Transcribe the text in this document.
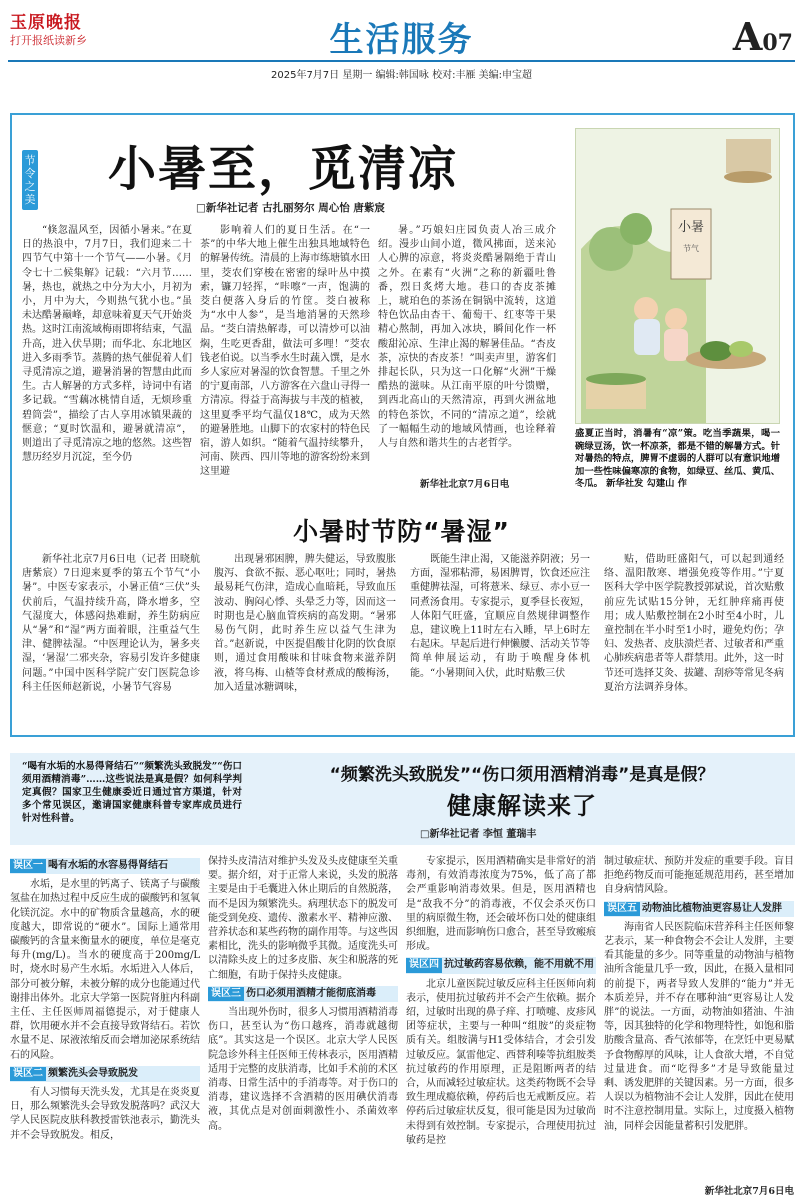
玉原晚报
打开报纸读新乡	生活服务	A07
2025年7月7日 星期一 编辑:韩国咏 校对:丰雁 美编:申宝超
节令之美
小暑至，觅清凉
□新华社记者 古扎丽努尔 周心怡 唐紫宸

“倏忽温风至，因循小暑来。”在夏日的热浪中，7月7日，我们迎来二十四节气中第十一个节气——小暑。《月令七十二候集解》记载：“六月节……暑，热也，就热之中分为大小，月初为小，月中为大，今则热气犹小也。”虽未达酷暑巅峰，却意味着夏天气开始炎热。这时江南流域梅雨即将结束，气温升高，进入伏旱期；而华北、东北地区进入多雨季节。蒸腾的热气催促着人们寻觅清凉之道，避暑消暑的智慧由此而生。古人解暑的方式多样，诗词中有诸多记载。“雪藕冰桃情自适，无烦珍重碧筒尝”，描绘了古人享用冰镇果蔬的惬意；“夏时饮温和，避暑就清凉”，则道出了寻觅清凉之地的悠然。这些智慧历经岁月沉淀，至今仍

影响着人们的夏日生活。在“一茶”的中华大地上催生出独具地域特色的解暑传统。清晨的上海市练塘镇水田里，茭农们穿梭在密密的绿叶丛中摸索，镰刀轻挥，“咔嚓”一声，饱满的茭白便落入身后的竹筐。茭白被称为“水中人参”，是当地消暑的天然珍品。“茭白清热解毒，可以清炒可以油焖，生吃更香甜，做法可多哩！”茭农钱老伯说。以当季水生时蔬入馔，是水乡人家应对暑湿的饮食智慧。千里之外的宁夏南部，八方游客在六盘山寻得一方清凉。得益于高海拔与丰茂的植被，这里夏季平均气温仅18℃，成为天然的避暑胜地。山脚下的农家村的特色民宿，游人如织。“随着气温持续攀升，河南、陕西、四川等地的游客纷纷来到这里避

暑。”巧娘妇庄园负责人冶三成介绍。漫步山间小道，微风拂面，送来沁人心脾的凉意，将炎炎酷暑隔绝于青山之外。在素有“火洲”之称的新疆吐鲁番，烈日炙烤大地。巷口的杏皮茶摊上，琥珀色的茶汤在铜锅中流转，这道特色饮品由杏干、葡萄干、红枣等干果精心熬制，再加入冰块，瞬间化作一杯酸甜沁凉、生津止渴的解暑佳品。“杏皮茶，凉快的杏皮茶！”叫卖声里，游客们排起长队，只为这一口化解“火洲”干燥酷热的滋味。从江南平原的叶兮馈赠，到西北高山的天然清凉，再到火洲盆地的特色茶饮，不同的“清凉之道”，绘就了一幅幅生动的地域风情画，也诠释着人与自然和谐共生的古老哲学。

新华社北京7月6日电
小暑
节气
盛夏正当时，消暑有“凉”策。吃当季蔬果，喝一碗绿豆汤，饮一杯凉茶，都是不错的解暑方式。针对暑热的特点，脾胃不虚弱的人群可以有意识地增加一些性味偏寒凉的食物，如绿豆、丝瓜、黄瓜、冬瓜。 新华社发 勾建山 作
小暑时节防“暑湿”

新华社北京7月6日电（记者 田晓航 唐紫宸）7日迎来夏季的第五个节气“小暑”。中医专家表示，小暑正值“三伏”头伏前后，气温持续升高，降水增多，空气湿度大，体感闷热难耐，养生防病应从“暑”和“湿”两方面着眼，注重益气生津、健脾祛湿。“中医理论认为，暑多夹湿，‘暑湿’二邪夹杂，容易引发许多健康问题。”中国中医科学院广安门医院急诊科主任医师赵新说，小暑节气容易

出现暑邪困脾，脾失健运，导致腹胀腹泻、食欲不振、恶心呕吐；同时，暑热最易耗气伤津，造成心血暗耗，导致血压波动、胸闷心悸、头晕乏力等，因而这一时期也是心脑血管疾病的高发期。“暑邪易伤气阴，此时养生应以益气生津为首。”赵新说，中医提倡酸甘化阴的饮食原则，通过食用酸味和甘味食物来滋养阴液，将乌梅、山楂等食材煮成的酸梅汤，加入适量冰糖调味，

既能生津止渴，又能滋养阴液；另一方面，湿邪粘滞，易困脾胃，饮食还应注重健脾祛湿，可将薏米、绿豆、赤小豆一同煮汤食用。专家提示，夏季昼长夜短，人体阳气旺盛，宜顺应自然规律调整作息，建议晚上11时左右入睡，早上6时左右起床。早起后进行伸懒腰、活动关节等简单伸展运动，有助于唤醒身体机能。“小暑期间入伏，此时贴敷三伏

贴，借助旺盛阳气，可以起到通经络、温阳散寒、增强免疫等作用。”宁夏医科大学中医学院教授郭斌说，首次贴敷前应先试贴15分钟，无红肿痒痛再使用；成人贴敷控制在2小时至4小时，儿童控制在半小时至1小时，避免灼伤；孕妇、发热者、皮肤溃烂者、过敏者和严重心肺疾病患者等人群禁用。此外，这一时节还可选择艾灸、拔罐、刮痧等常见冬病夏治方法调养身体。

“喝有水垢的水易得肾结石”“频繁洗头致脱发”“伤口须用酒精消毒”……这些说法是真是假？如何科学判定真假？国家卫生健康委近日通过官方渠道，针对多个常见误区，邀请国家健康科普专家库成员进行针对性科普。
“频繁洗头致脱发”“伤口须用酒精消毒”是真是假？
健康解读来了
□新华社记者 李恒 董瑞丰
误区一 喝有水垢的水容易得肾结石

水垢，是水里的钙离子、镁离子与碳酸氢盐在加热过程中反应生成的碳酸钙和氢氧化镁沉淀。水中的矿物质含量越高，水的硬度越大，即常说的“硬水”。国际上通常用碳酸钙的含量来衡量水的硬度，单位是毫克每升(mg/L)。当水的硬度高于200mg/L时，烧水时易产生水垢。水垢进入人体后，部分可被分解，未被分解的成分也能通过代谢排出体外。北京大学第一医院肾脏内科副主任、主任医师周福德提示，对于健康人群，饮用硬水并不会直接导致肾结石。若饮水量不足、尿液浓缩反而会增加泌尿系统结石的风险。

误区二 频繁洗头会导致脱发

有人习惯每天洗头发，尤其是在炎炎夏日，那么频繁洗头会导致发脱落吗？武汉大学人民医院皮肤科教授雷铁池表示，勤洗头并不会导致脱发。相反，

保持头皮清洁对维护头发及头皮健康至关重要。据介绍，对于正常人来说，头发的脱落主要是由于毛囊进入休止期后的自然脱落，而不是因为频繁洗头。病理状态下的脱发可能受到免疫、遗传、激素水平、精神应激、营养状态和某些药物的副作用等。与这些因素相比，洗头的影响微乎其微。适度洗头可以清除头皮上的过多皮脂、灰尘和脱落的死亡细胞，有助于保持头皮健康。

误区三 伤口必须用酒精才能彻底消毒

当出现外伤时，很多人习惯用酒精消毒伤口，甚至认为“伤口越疼，消毒就越彻底”。其实这是一个误区。北京大学人民医院急诊外科主任医师王传林表示，医用酒精适用于完整的皮肤消毒，比如手术前的术区消毒、日常生活中的手消毒等。对于伤口的消毒，建议选择不含酒精的医用碘伏消毒液，其优点是对创面刺激性小、杀菌效率高。

专家提示，医用酒精确实是非常好的消毒剂，有效消毒浓度为75%，低了高了都会严重影响消毒效果。但是，医用酒精也是“敌我不分”的消毒液，不仅会杀灭伤口里的病原微生物，还会破坏伤口处的健康组织细胞，进而影响伤口愈合，甚至导致瘢痕形成。

误区四 抗过敏药容易依赖，能不用就不用

北京儿童医院过敏反应科主任医师向莉表示，使用抗过敏药并不会产生依赖。据介绍，过敏时出现的鼻子痒、打喷嚏、皮疹风团等症状，主要与一种叫“组胺”的炎症物质有关。组胺满与H1受体结合，才会引发过敏反应。氯雷他定、西替利嗪等抗组胺类抗过敏药的作用原理，正是阻断两者的结合，从而减轻过敏症状。这类药物既不会导致生理成瘾依赖，停药后也无戒断反应。若停药后过敏症状反复，很可能是因为过敏尚未得到有效控制。专家提示，合理使用抗过敏药是控

制过敏症状、预防并发症的重要手段。盲目拒绝药物反而可能拖延规范用药，甚至增加自身病情风险。

误区五 动物油比植物油更容易让人发胖

海南省人民医院临床营养科主任医师黎艺表示，某一种食物会不会让人发胖，主要看其能量的多少。同等重量的动物油与植物油所含能量几乎一致，因此，在摄入量相同的前提下，两者导致人发胖的“能力”并无本质差异，并不存在哪种油“更容易让人发胖”的说法。一方面，动物油如猪油、牛油等，因其独特的化学和物理特性，如饱和脂肪酸含量高、香气浓郁等，在烹饪中更易赋予食物醇厚的风味，让人食欲大增，不自觉过量进食。而“吃得多”才是导致能量过剩、诱发肥胖的关键因素。另一方面，很多人误以为植物油不会让人发胖，因此在使用时不注意控制用量。实际上，过度摄入植物油，同样会因能量蓄积引发肥胖。

新华社北京7月6日电
